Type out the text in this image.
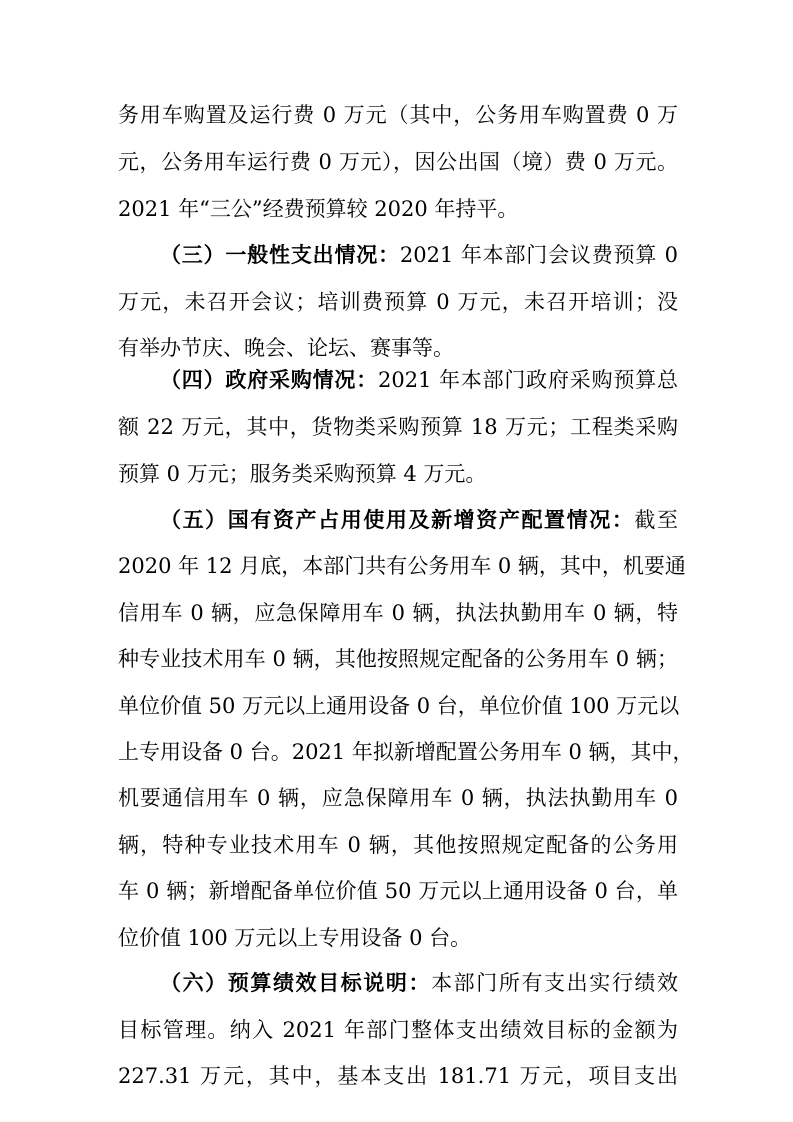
务用车购置及运行费 0 万元（其中，公务用车购置费 0 万
元，公务用车运行费 0 万元），因公出国（境）费 0 万元。
2021 年“三公”经费预算较 2020 年持平。
（三）一般性支出情况：2021 年本部门会议费预算 0
万元，未召开会议；培训费预算 0 万元，未召开培训；没
有举办节庆、晚会、论坛、赛事等。
（四）政府采购情况：2021 年本部门政府采购预算总
额 22 万元，其中，货物类采购预算 18 万元；工程类采购
预算 0 万元；服务类采购预算 4 万元。
（五）国有资产占用使用及新增资产配置情况：截至
2020 年 12 月底，本部门共有公务用车 0 辆，其中，机要通
信用车 0 辆，应急保障用车 0 辆，执法执勤用车 0 辆，特
种专业技术用车 0 辆，其他按照规定配备的公务用车 0 辆；
单位价值 50 万元以上通用设备 0 台，单位价值 100 万元以
上专用设备 0 台。2021 年拟新增配置公务用车 0 辆，其中，
机要通信用车 0 辆，应急保障用车 0 辆，执法执勤用车 0
辆，特种专业技术用车 0 辆，其他按照规定配备的公务用
车 0 辆；新增配备单位价值 50 万元以上通用设备 0 台，单
位价值 100 万元以上专用设备 0 台。
（六）预算绩效目标说明：本部门所有支出实行绩效
目标管理。纳入 2021 年部门整体支出绩效目标的金额为
227.31 万元，其中，基本支出 181.71 万元，项目支出
